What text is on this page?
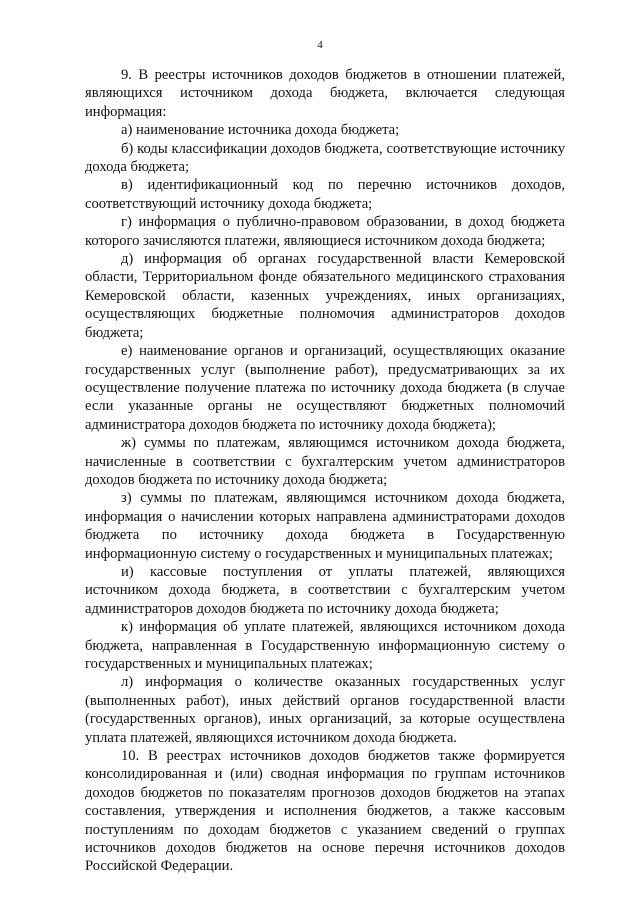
4

9. В реестры источников доходов бюджетов в отношении платежей, являющихся источником дохода бюджета, включается следующая информация:

а) наименование источника дохода бюджета;

б) коды классификации доходов бюджета, соответствующие источнику дохода бюджета;

в) идентификационный код по перечню источников доходов, соответствующий источнику дохода бюджета;

г) информация о публично-правовом образовании, в доход бюджета которого зачисляются платежи, являющиеся источником дохода бюджета;

д) информация об органах государственной власти Кемеровской области, Территориальном фонде обязательного медицинского страхования Кемеровской области, казенных учреждениях, иных организациях, осуществляющих бюджетные полномочия администраторов доходов бюджета;

е) наименование органов и организаций, осуществляющих оказание государственных услуг (выполнение работ), предусматривающих за их осуществление получение платежа по источнику дохода бюджета (в случае если указанные органы не осуществляют бюджетных полномочий администратора доходов бюджета по источнику дохода бюджета);

ж) суммы по платежам, являющимся источником дохода бюджета, начисленные в соответствии с бухгалтерским учетом администраторов доходов бюджета по источнику дохода бюджета;

з) суммы по платежам, являющимся источником дохода бюджета, информация о начислении которых направлена администраторами доходов бюджета по источнику дохода бюджета в Государственную информационную систему о государственных и муниципальных платежах;

и) кассовые поступления от уплаты платежей, являющихся источником дохода бюджета, в соответствии с бухгалтерским учетом администраторов доходов бюджета по источнику дохода бюджета;

к) информация об уплате платежей, являющихся источником дохода бюджета, направленная в Государственную информационную систему о государственных и муниципальных платежах;

л) информация о количестве оказанных государственных услуг (выполненных работ), иных действий органов государственной власти (государственных органов), иных организаций, за которые осуществлена уплата платежей, являющихся источником дохода бюджета.

10. В реестрах источников доходов бюджетов также формируется консолидированная и (или) сводная информация по группам источников доходов бюджетов по показателям прогнозов доходов бюджетов на этапах составления, утверждения и исполнения бюджетов, а также кассовым поступлениям по доходам бюджетов с указанием сведений о группах источников доходов бюджетов на основе перечня источников доходов Российской Федерации.
